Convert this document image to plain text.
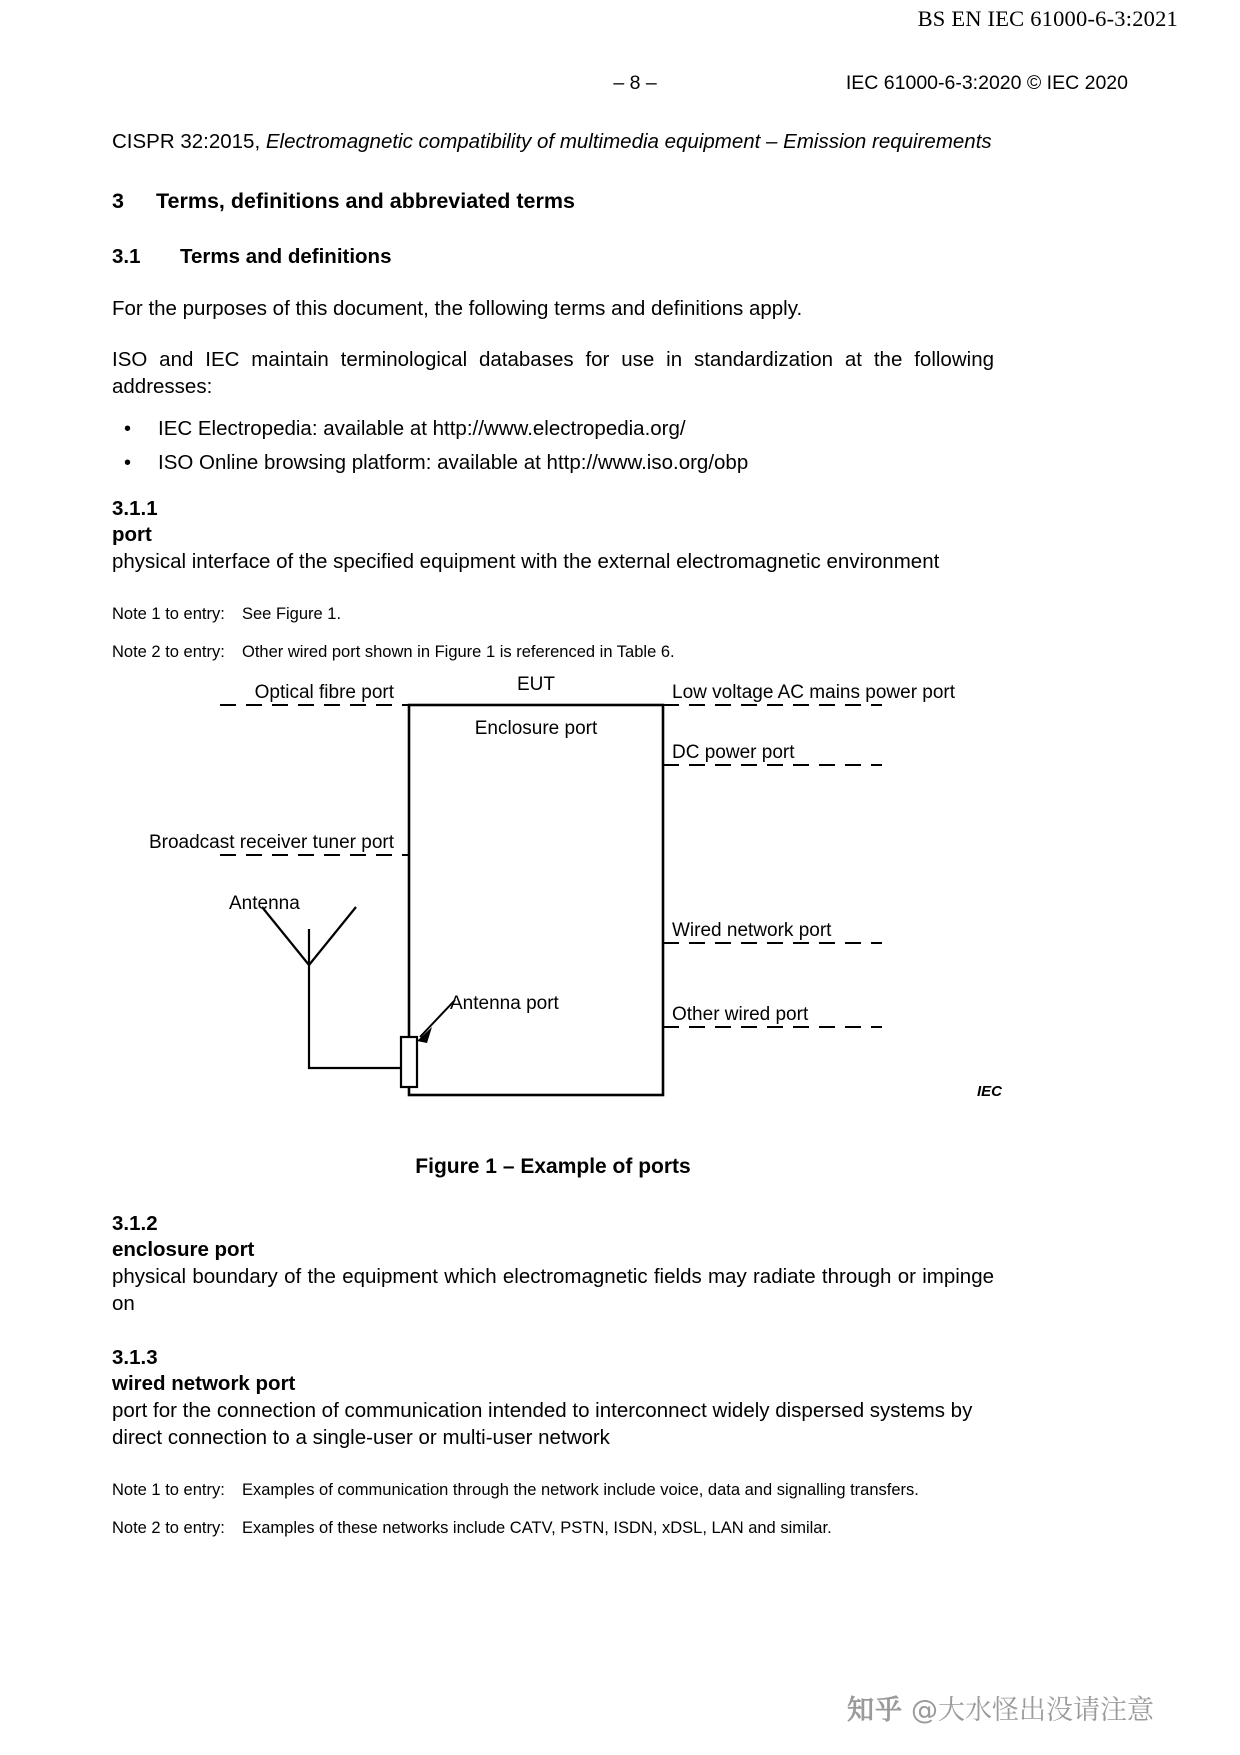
BS EN IEC 61000-6-3:2021
– 8 –	IEC 61000-6-3:2020 © IEC 2020

CISPR 32:2015, Electromagnetic compatibility of multimedia equipment – Emission requirements

3 Terms, definitions and abbreviated terms
3.1 Terms and definitions

For the purposes of this document, the following terms and definitions apply.

ISO and IEC maintain terminological databases for use in standardization at the following addresses:

• IEC Electropedia: available at http://www.electropedia.org/
• ISO Online browsing platform: available at http://www.iso.org/obp
3.1.1
port
physical interface of the specified equipment with the external electromagnetic environment
Note 1 to entry: See Figure 1.
Note 2 to entry: Other wired port shown in Figure 1 is referenced in Table 6.
EUT
Enclosure port
Optical fibre port
Broadcast receiver tuner port
Antenna
Antenna port
Low voltage AC mains power port
DC power port
Wired network port
Other wired port
IEC
Figure 1 – Example of ports
3.1.2
enclosure port
physical boundary of the equipment which electromagnetic fields may radiate through or impinge on
3.1.3
wired network port
port for the connection of communication intended to interconnect widely dispersed systems by direct connection to a single-user or multi-user network
Note 1 to entry: Examples of communication through the network include voice, data and signalling transfers.
Note 2 to entry: Examples of these networks include CATV, PSTN, ISDN, xDSL, LAN and similar.
知乎 @大水怪出没请注意
